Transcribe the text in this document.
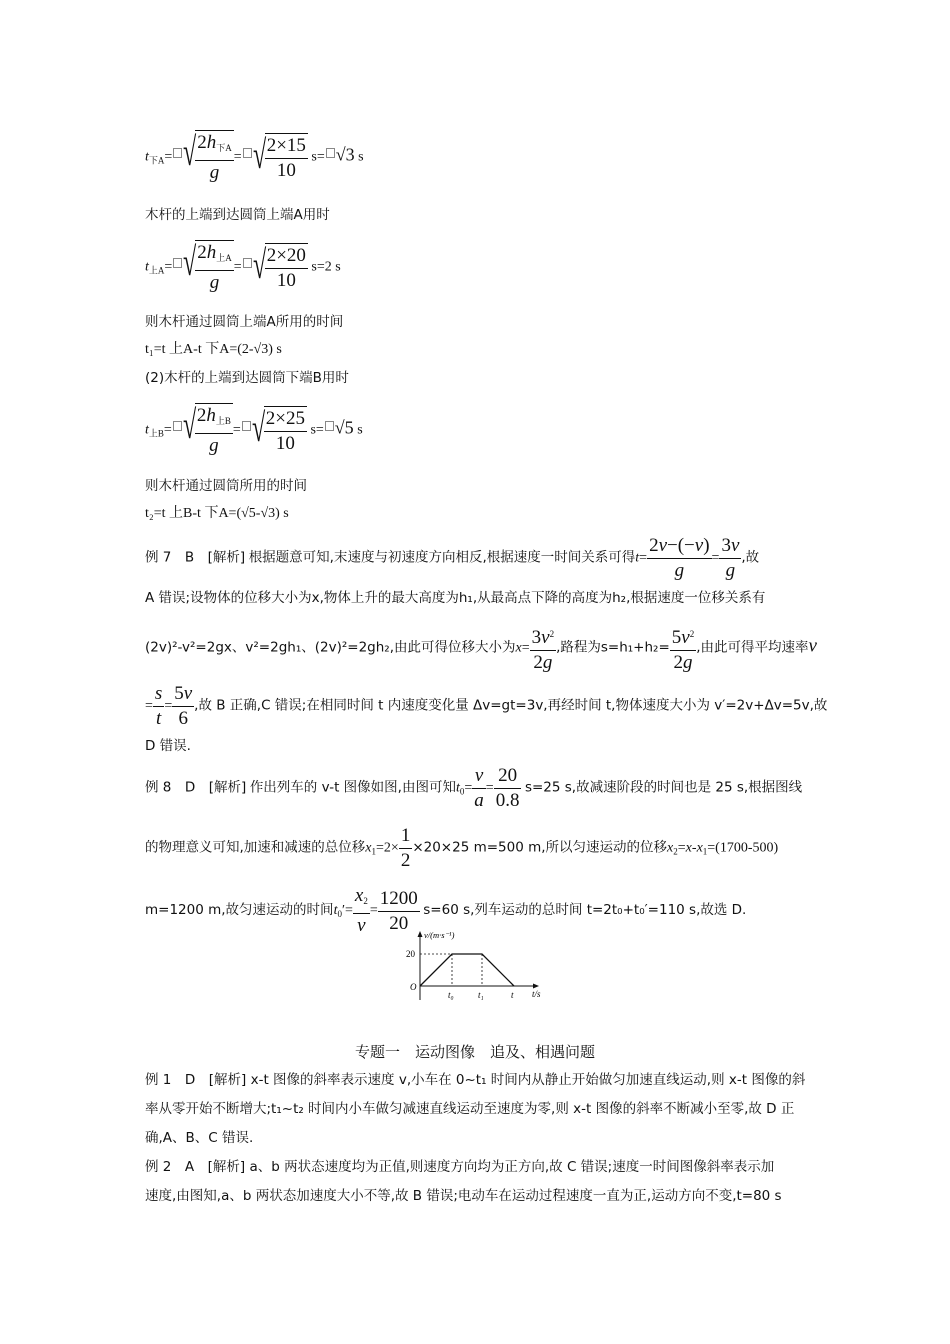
$t_{下A}=$ √
$\frac{2h_{下A}}{g}$ = √
$\frac{2\times 15}{10} s= √3$ s
木杆的上端到达圆筒上端A用时
$t_{上A}=$ √
$\frac{2h_{上A}}{g}$ = √
$\frac{2\times 20}{10} s=2$ s
则木杆通过圆筒上端A所用的时间
t₁=t 上A-t 下A=(2-√3) s
(2)木杆的上端到达圆筒下端B用时
$t_{上B}=$ √
$\frac{2h_{上B}}{g}$ = √
$\frac{2\times 25}{10} s= √5$ s
则木杆通过圆筒所用的时间
t₂=t 上B-t 下A=(√5-√3) s
例 7　B　[解析] 根据题意可知,末速度与初速度方向相反,根据速度一时间关系可得$t= \frac{2v-(-v)}{g} = \frac{3v}{g}$ ,故
A 错误;设物体的位移大小为x,物体上升的最大高度为h₁,从最高点下降的高度为h₂,根据速度一位移关系有
(2v)²-v²=2gx、v²=2gh₁、(2v)²=2gh₂,由此可得位移大小为$x= \frac{3v^2}{2g}$ ,路程为$s=h_1+h_2= \frac{5v^2}{2g}$ ,由此可得平均速率v
= $\frac{s}{t} = \frac{5v}{6}$ ,故 B 正确,C 错误;在相同时间 t 内速度变化量 Δv=gt=3v,再经时间 t,物体速度大小为 v′=2v+Δv=5v,故
D 错误.
例 8　D　[解析] 作出列车的 v-t 图像如图,由图可知$t_0= \frac{v}{a} = \frac{20}{0.8} s=25$ s,故减速阶段的时间也是 25 s,根据图线
的物理意义可知,加速和减速的总位移$x_1=2\times \frac{1}{2} \times 20\times 25$ m=500 m,所以匀速运动的位移$x_2=x-x_1=(1700-500)$
m=1200 m,故匀速运动的时间$t_0'= \frac{x_2}{v} = \frac{1200}{20} s=60$ s,列车运动的总时间 t=2t₀+t₀′=110 s,故选 D.
v/(m·s⁻¹)
t/s
20
O
t₀	t₁	t
专题一　运动图像　追及、相遇问题
例 1　D　[解析] x-t 图像的斜率表示速度 v,小车在 0~t₁ 时间内从静止开始做匀加速直线运动,则 x-t 图像的斜
率从零开始不断增大;t₁~t₂ 时间内小车做匀减速直线运动至速度为零,则 x-t 图像的斜率不断减小至零,故 D 正
确,A、B、C 错误.
例 2　A　[解析] a、b 两状态速度均为正值,则速度方向均为正方向,故 C 错误;速度一时间图像斜率表示加
速度,由图知,a、b 两状态加速度大小不等,故 B 错误;电动车在运动过程速度一直为正,运动方向不变,t=80 s
